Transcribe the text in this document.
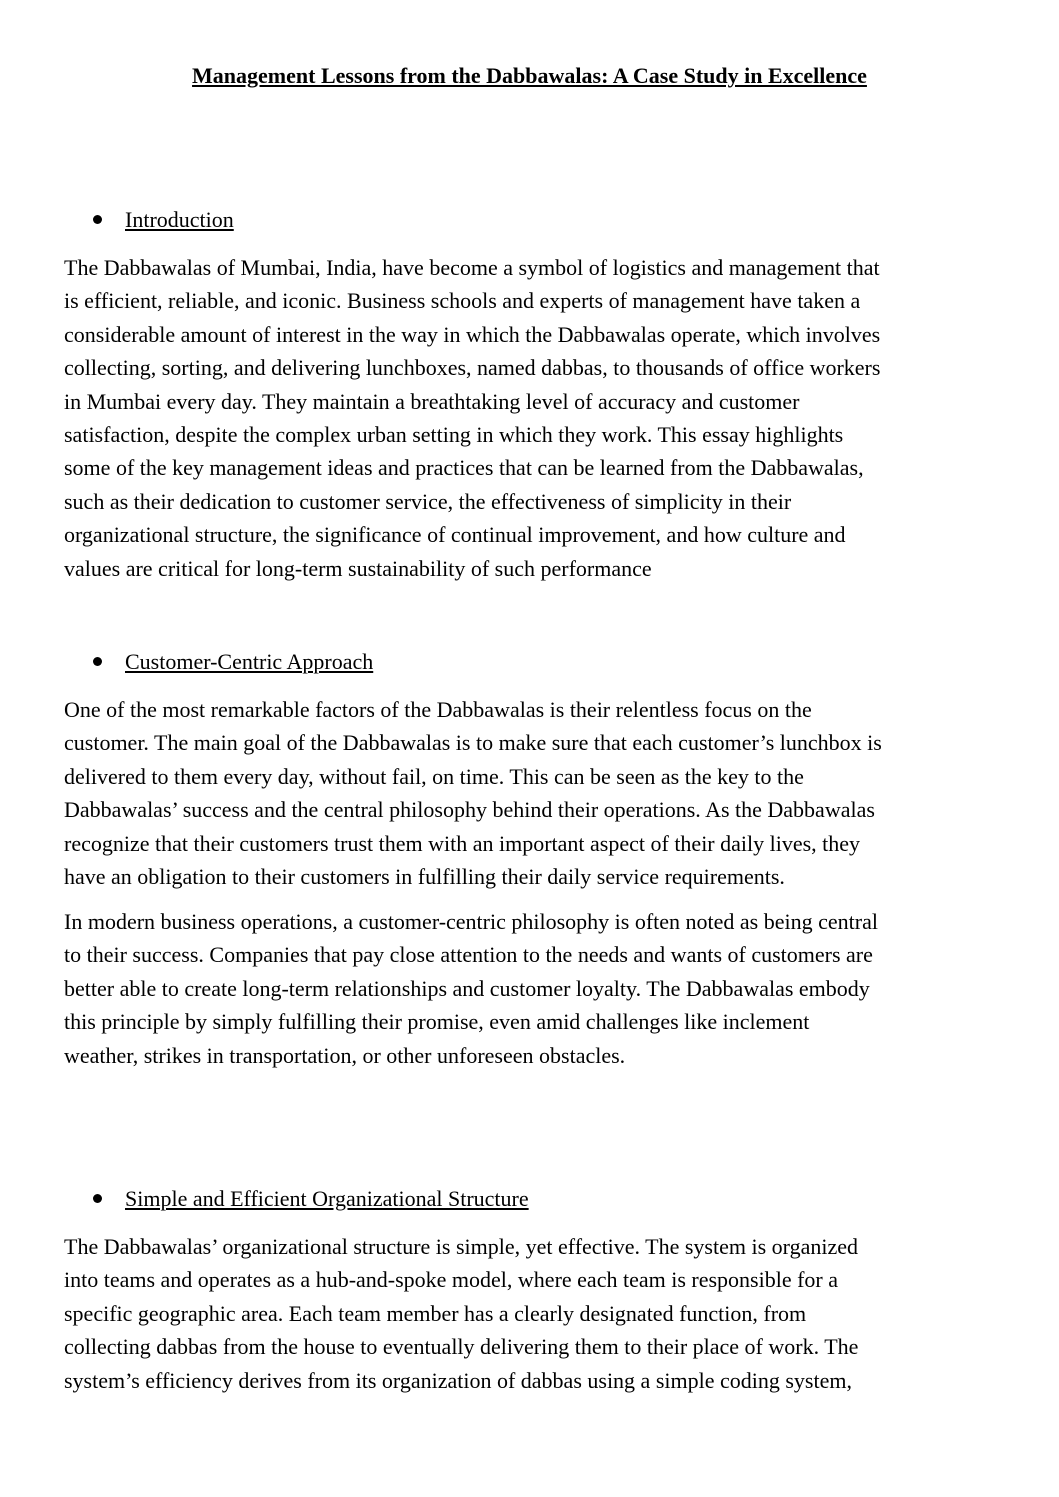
Management Lessons from the Dabbawalas: A Case Study in Excellence
Introduction
The Dabbawalas of Mumbai, India, have become a symbol of logistics and management that
is efficient, reliable, and iconic. Business schools and experts of management have taken a
considerable amount of interest in the way in which the Dabbawalas operate, which involves
collecting, sorting, and delivering lunchboxes, named dabbas, to thousands of office workers
in Mumbai every day. They maintain a breathtaking level of accuracy and customer
satisfaction, despite the complex urban setting in which they work. This essay highlights
some of the key management ideas and practices that can be learned from the Dabbawalas,
such as their dedication to customer service, the effectiveness of simplicity in their
organizational structure, the significance of continual improvement, and how culture and
values are critical for long-term sustainability of such performance
Customer-Centric Approach
One of the most remarkable factors of the Dabbawalas is their relentless focus on the
customer. The main goal of the Dabbawalas is to make sure that each customer’s lunchbox is
delivered to them every day, without fail, on time. This can be seen as the key to the
Dabbawalas’ success and the central philosophy behind their operations. As the Dabbawalas
recognize that their customers trust them with an important aspect of their daily lives, they
have an obligation to their customers in fulfilling their daily service requirements.
In modern business operations, a customer-centric philosophy is often noted as being central
to their success. Companies that pay close attention to the needs and wants of customers are
better able to create long-term relationships and customer loyalty. The Dabbawalas embody
this principle by simply fulfilling their promise, even amid challenges like inclement
weather, strikes in transportation, or other unforeseen obstacles.
Simple and Efficient Organizational Structure
The Dabbawalas’ organizational structure is simple, yet effective. The system is organized
into teams and operates as a hub-and-spoke model, where each team is responsible for a
specific geographic area. Each team member has a clearly designated function, from
collecting dabbas from the house to eventually delivering them to their place of work. The
system’s efficiency derives from its organization of dabbas using a simple coding system,
